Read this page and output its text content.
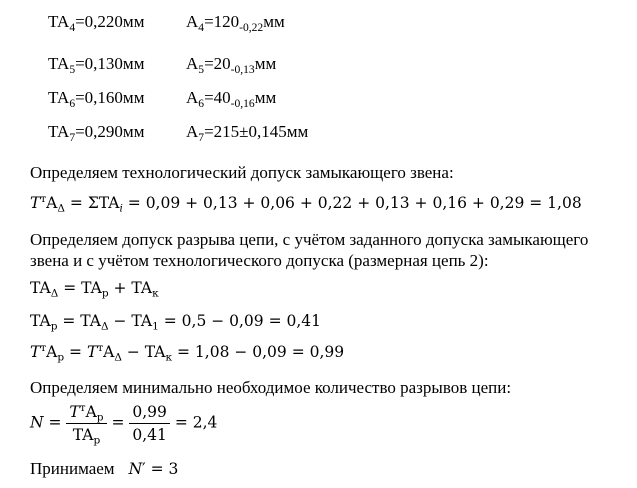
$TA_4=0,220мм$ $A_4=120_{-0,22}мм$
$TA_5=0,130мм$ $A_5=20_{-0,13}мм$
$TA_6=0,160мм$ $A_6=40_{-0,16}мм$
$TA_7=0,290мм$ $A_7=215\pm 0,145мм$
Определяем технологический допуск замыкающего звена:
$T^тA_\Delta = \Sigma TA_i = 0,09 + 0,13 + 0,06 + 0,22 + 0,13 + 0,16 + 0,29 = 1,08$
Определяем допуск разрыва цепи, с учётом заданного допуска замыкающего
звена и с учётом технологического допуска (размерная цепь 2):
$TA_\Delta = TA_р + TA_к$
$TA_р = TA_\Delta - TA_1 = 0,5 - 0,09 = 0,41$
$T^тA_р = T^тA_\Delta - TA_к = 1,08 - 0,09 = 0,99$
Определяем минимально необходимое количество разрывов цепи:
$N = \frac{T^тA_р}{TA_р} = \frac{0,99}{0,41} = 2,4$
Принимаем N′ = 3
